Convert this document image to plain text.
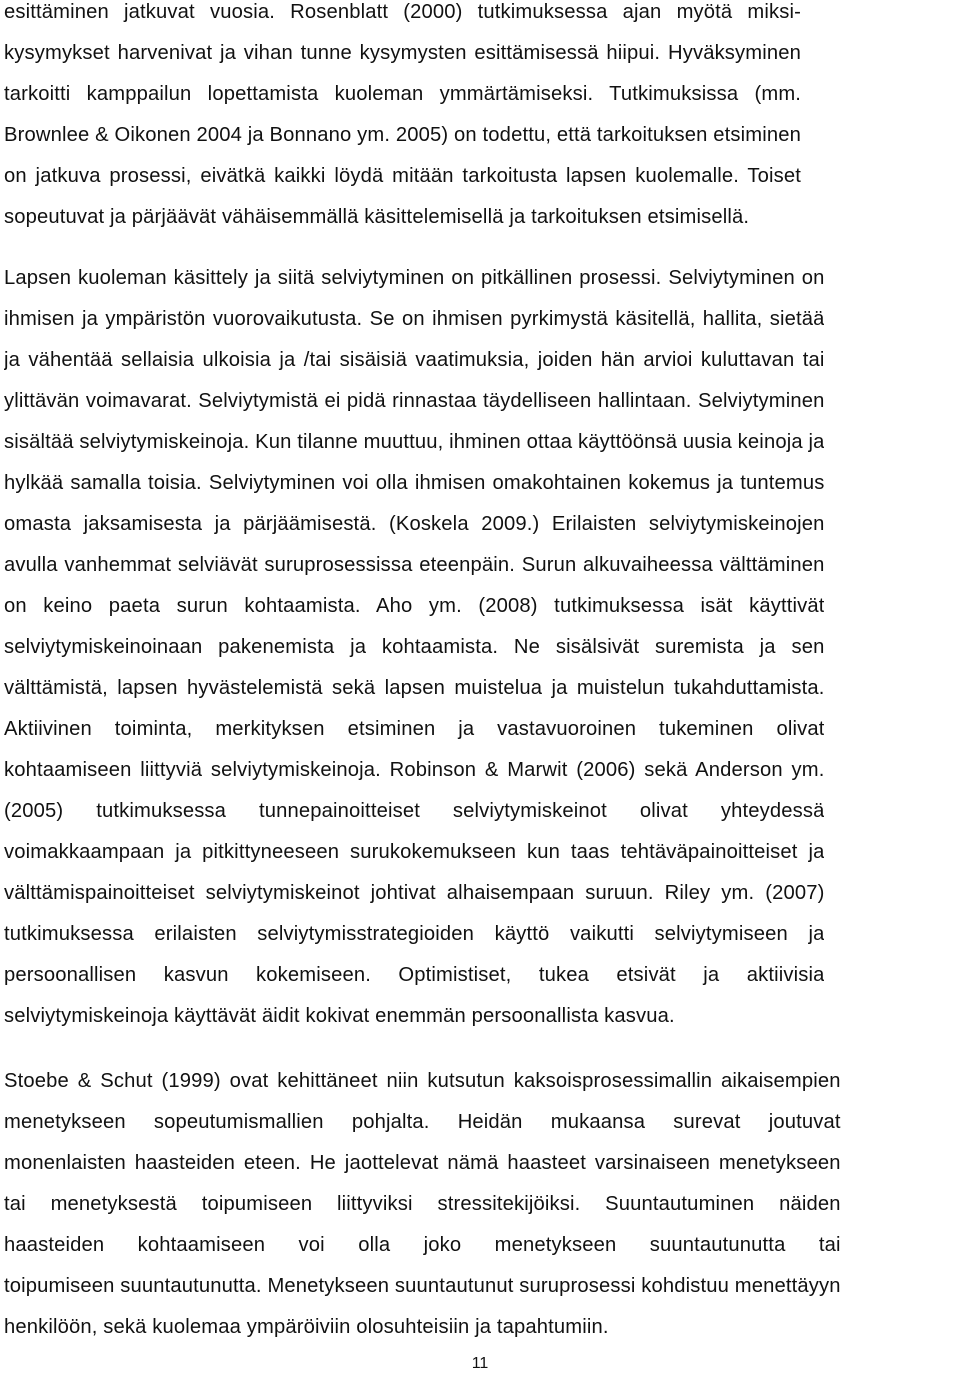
esittäminen jatkuvat vuosia. Rosenblatt (2000) tutkimuksessa ajan myötä miksi-
kysymykset harvenivat ja vihan tunne kysymysten esittämisessä hiipui. Hyväksyminen
tarkoitti kamppailun lopettamista kuoleman ymmärtämiseksi. Tutkimuksissa (mm.
Brownlee & Oikonen 2004 ja Bonnano ym. 2005) on todettu, että tarkoituksen etsiminen
on jatkuva prosessi, eivätkä kaikki löydä mitään tarkoitusta lapsen kuolemalle. Toiset
sopeutuvat ja pärjäävät vähäisemmällä käsittelemisellä ja tarkoituksen etsimisellä.
Lapsen kuoleman käsittely ja siitä selviytyminen on pitkällinen prosessi. Selviytyminen on
ihmisen ja ympäristön vuorovaikutusta. Se on ihmisen pyrkimystä käsitellä, hallita, sietää
ja vähentää sellaisia ulkoisia ja /tai sisäisiä vaatimuksia, joiden hän arvioi kuluttavan tai
ylittävän voimavarat. Selviytymistä ei pidä rinnastaa täydelliseen hallintaan. Selviytyminen
sisältää selviytymiskeinoja. Kun tilanne muuttuu, ihminen ottaa käyttöönsä uusia keinoja ja
hylkää samalla toisia. Selviytyminen voi olla ihmisen omakohtainen kokemus ja tuntemus
omasta jaksamisesta ja pärjäämisestä. (Koskela 2009.) Erilaisten selviytymiskeinojen
avulla vanhemmat selviävät suruprosessissa eteenpäin. Surun alkuvaiheessa välttäminen
on keino paeta surun kohtaamista. Aho ym. (2008) tutkimuksessa isät käyttivät
selviytymiskeinoinaan pakenemista ja kohtaamista. Ne sisälsivät suremista ja sen
välttämistä, lapsen hyvästelemistä sekä lapsen muistelua ja muistelun tukahduttamista.
Aktiivinen toiminta, merkityksen etsiminen ja vastavuoroinen tukeminen olivat
kohtaamiseen liittyviä selviytymiskeinoja. Robinson & Marwit (2006) sekä Anderson ym.
(2005) tutkimuksessa tunnepainoitteiset selviytymiskeinot olivat yhteydessä
voimakkaampaan ja pitkittyneeseen surukokemukseen kun taas tehtäväpainoitteiset ja
välttämispainoitteiset selviytymiskeinot johtivat alhaisempaan suruun. Riley ym. (2007)
tutkimuksessa erilaisten selviytymisstrategioiden käyttö vaikutti selviytymiseen ja
persoonallisen kasvun kokemiseen. Optimistiset, tukea etsivät ja aktiivisia
selviytymiskeinoja käyttävät äidit kokivat enemmän persoonallista kasvua.
Stoebe & Schut (1999) ovat kehittäneet niin kutsutun kaksoisprosessimallin aikaisempien
menetykseen sopeutumismallien pohjalta. Heidän mukaansa surevat joutuvat
monenlaisten haasteiden eteen. He jaottelevat nämä haasteet varsinaiseen menetykseen
tai menetyksestä toipumiseen liittyviksi stressitekijöiksi. Suuntautuminen näiden
haasteiden kohtaamiseen voi olla joko menetykseen suuntautunutta tai
toipumiseen suuntautunutta. Menetykseen suuntautunut suruprosessi kohdistuu menettäyyn
henkilöön, sekä kuolemaa ympäröiviin olosuhteisiin ja tapahtumiin.
11
